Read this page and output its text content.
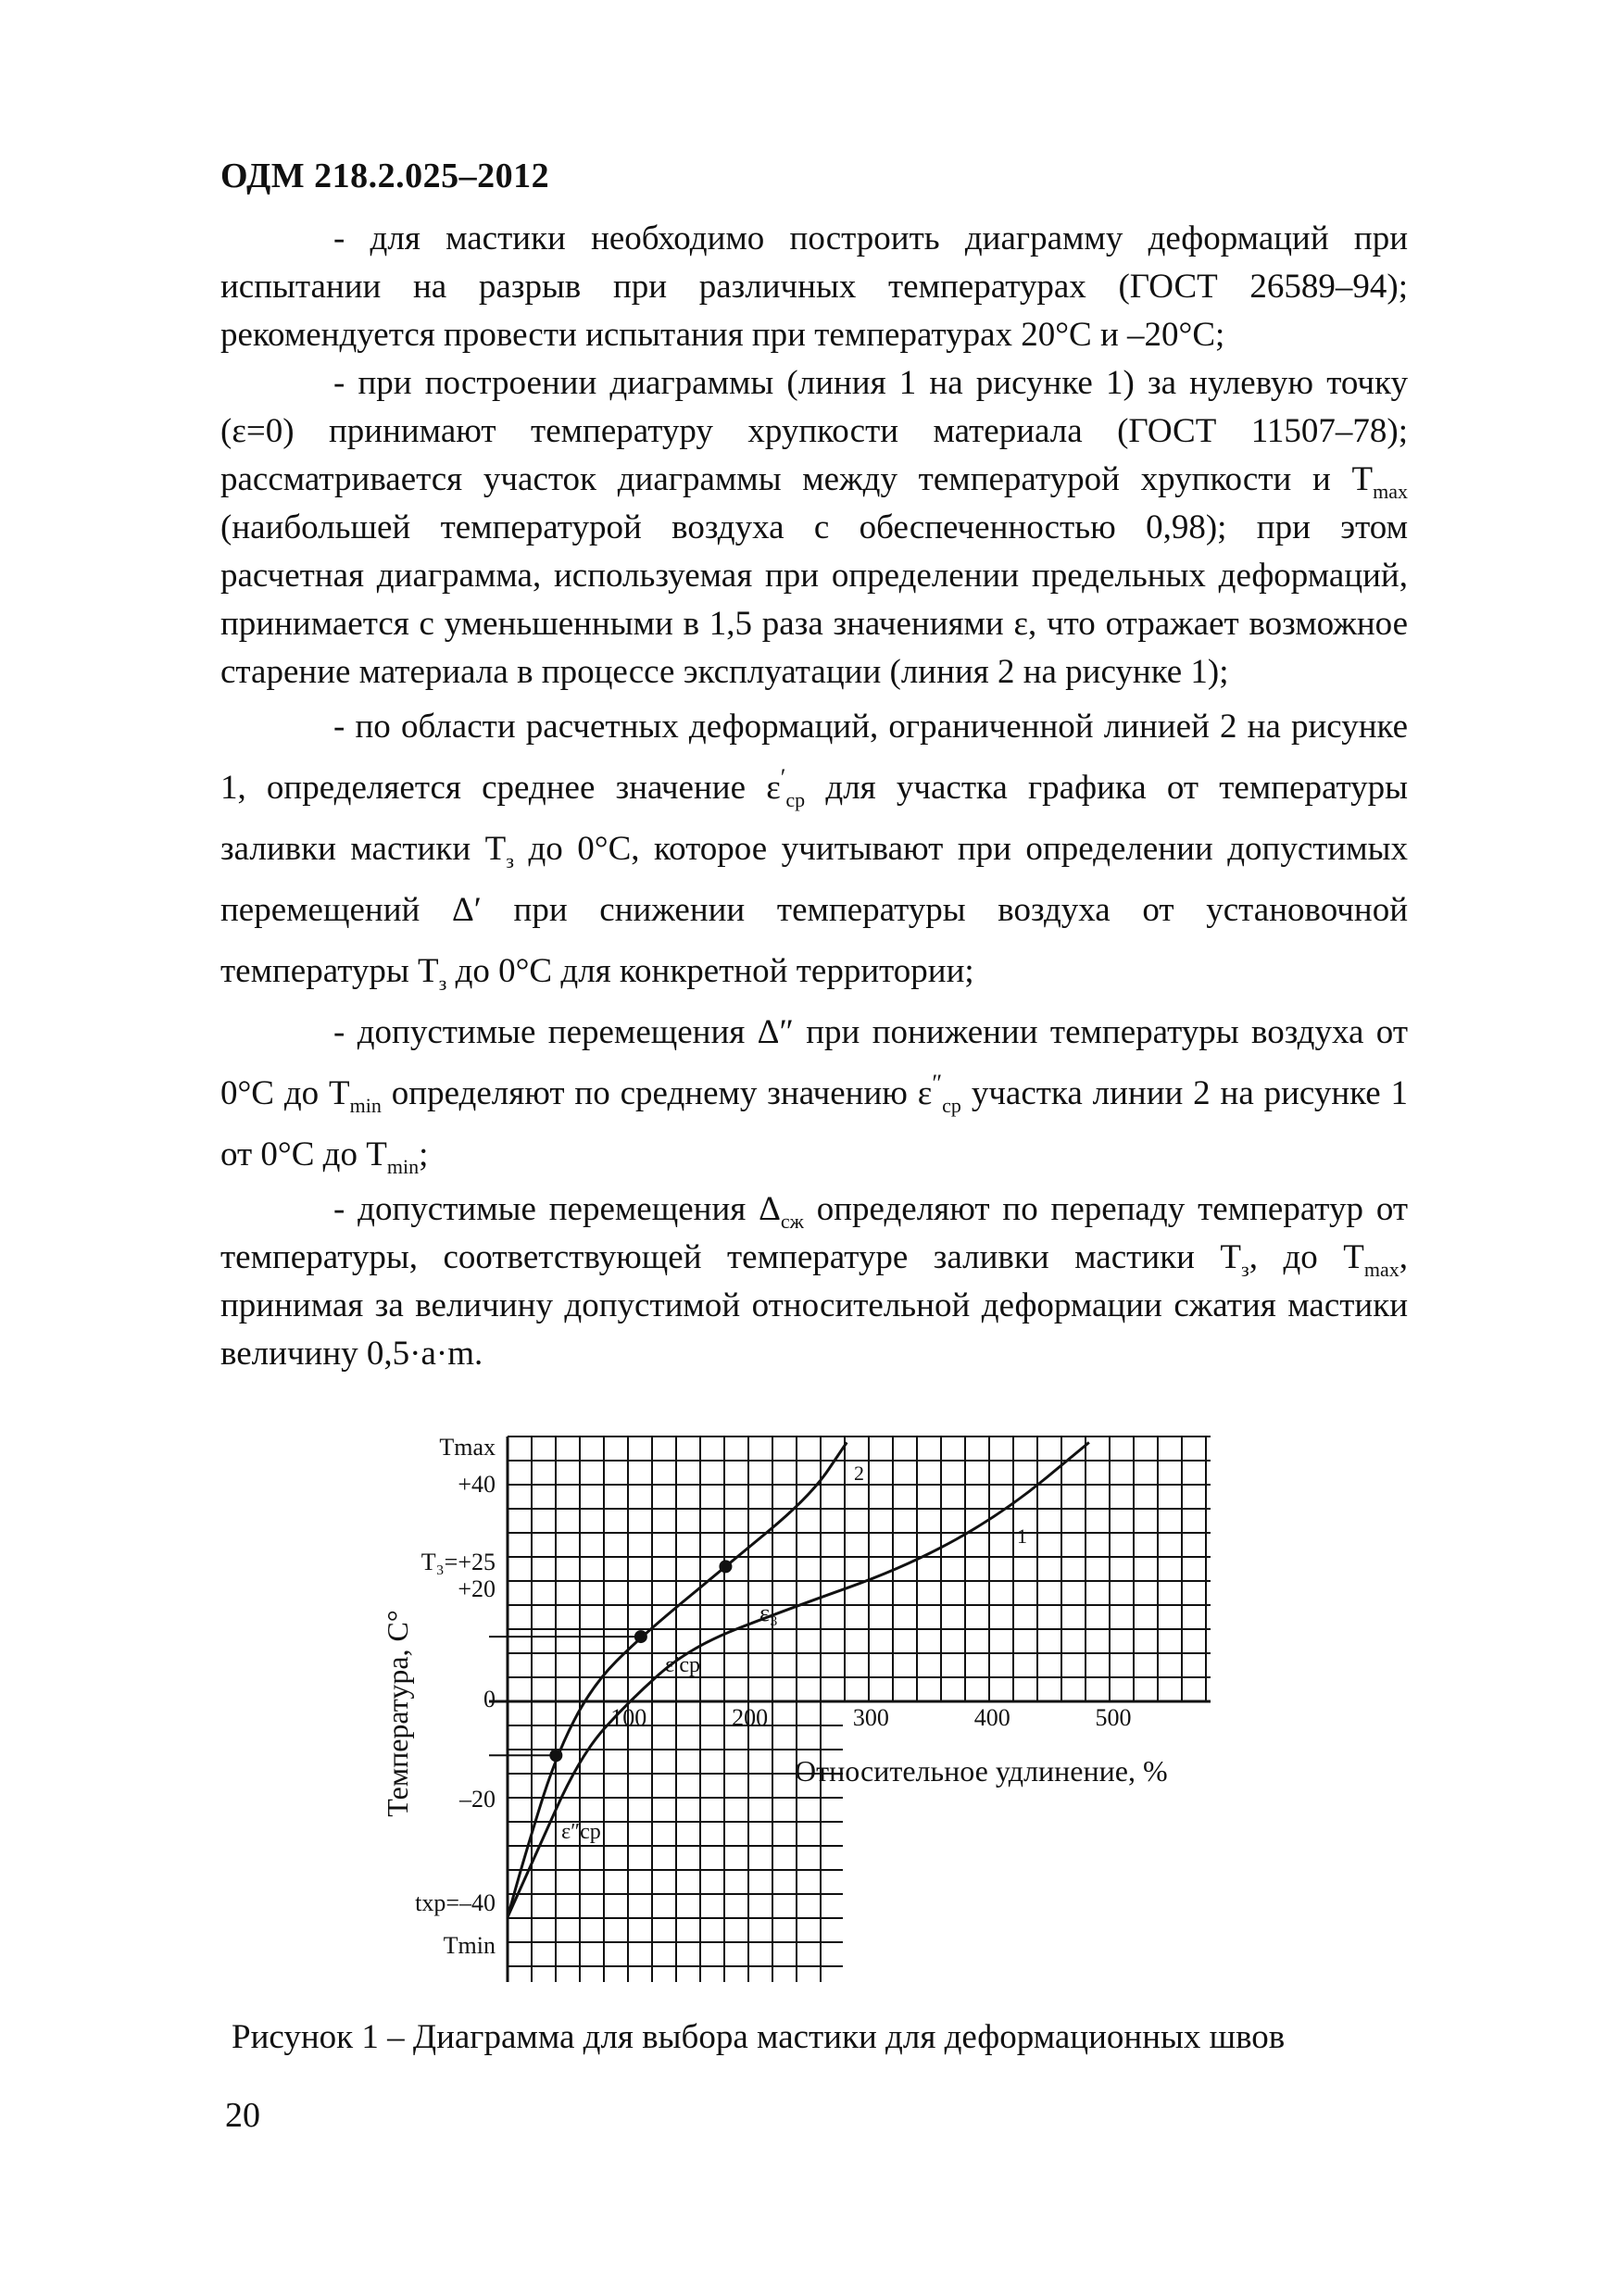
ОДМ 218.2.025–2012

- для мастики необходимо построить диаграмму деформаций при испытании на разрыв при различных температурах (ГОСТ 26589–94); рекомендуется провести испытания при температурах 20°С и –20°С;

- при построении диаграммы (линия 1 на рисунке 1) за нулевую точку (ε=0) принимают температуру хрупкости материала (ГОСТ 11507–78); рассматривается участок диаграммы между температурой хрупкости и $Т_{max}$ (наибольшей температурой воздуха с обеспеченностью 0,98); при этом расчетная диаграмма, используемая при определении предельных деформаций, принимается с уменьшенными в 1,5 раза значениями ε, что отражает возможное старение материала в процессе эксплуатации (линия 2 на рисунке 1);

- по области расчетных деформаций, ограниченной линией 2 на рисунке 1, определяется среднее значение $\varepsilon'_{ср}$ для участка графика от температуры заливки мастики $Т_з$ до 0°С, которое учитывают при определении допустимых перемещений Δ′ при снижении температуры воздуха от установочной температуры $Т_з$ до 0°С для конкретной территории;

- допустимые перемещения Δ″ при понижении температуры воздуха от 0°С до $Т_{min}$ определяют по среднему значению $\varepsilon''_{ср}$ участка линии 2 на рисунке 1 от 0°С до $Т_{min}$;

- допустимые перемещения $\Delta_{сж}$ определяют по перепаду температур от температуры, соответствующей температуре заливки мастики $Т_з$, до $Т_{max}$, принимая за величину допустимой относительной деформации сжатия мастики величину 0,5·a·m.

Tmax
+40
T₃=+25
+20
0
–20
tхр=–40
Tmin
Температура, С°	100	200	300	400	500
Относительное удлинение, %
2
1
ε₃
ε′ср
ε″ср
Рисунок 1 – Диаграмма для выбора мастики для деформационных швов
20
